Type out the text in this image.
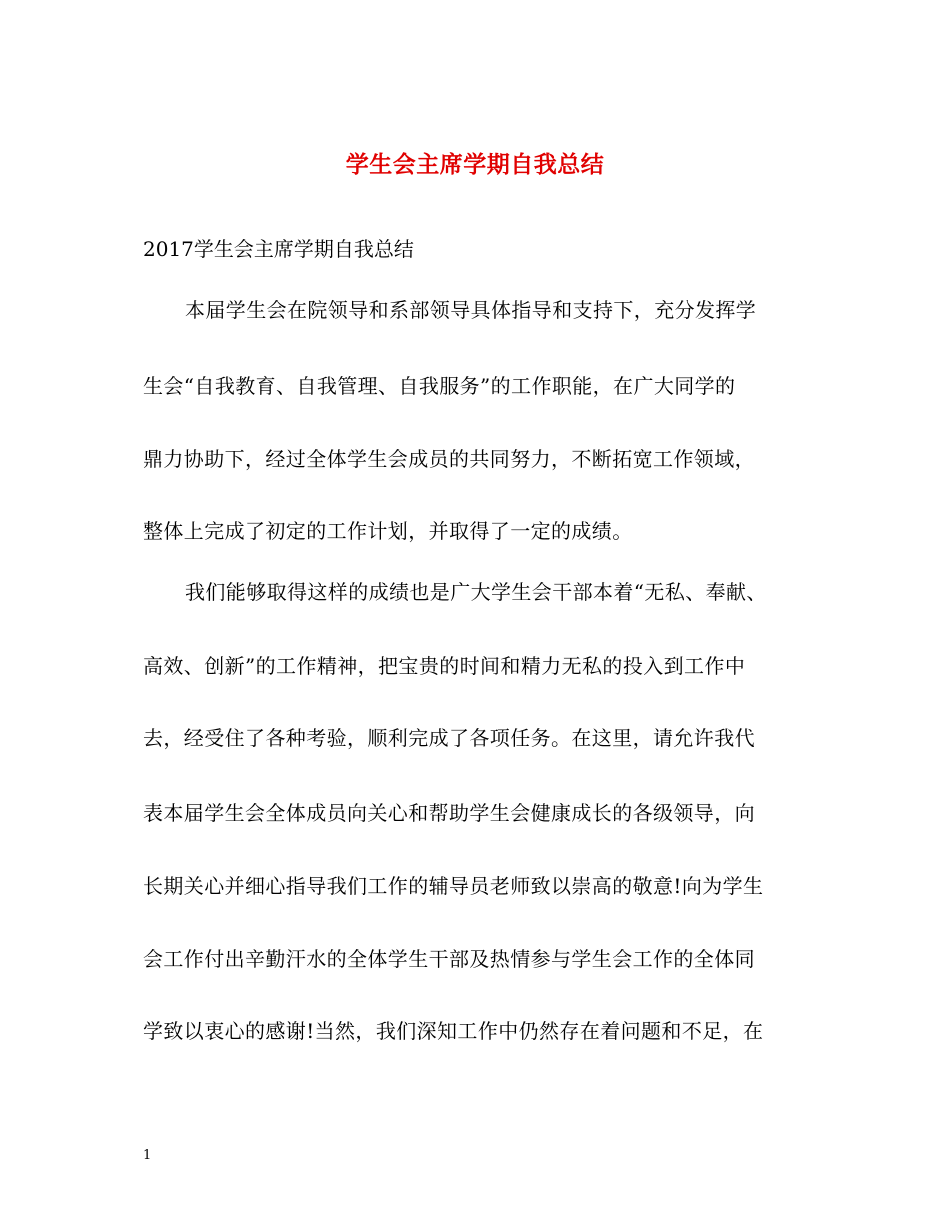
学生会主席学期自我总结
2017学生会主席学期自我总结
本届学生会在院领导和系部领导具体指导和支持下，充分发挥学
生会“自我教育、自我管理、自我服务”的工作职能，在广大同学的
鼎力协助下，经过全体学生会成员的共同努力，不断拓宽工作领域，
整体上完成了初定的工作计划，并取得了一定的成绩。
我们能够取得这样的成绩也是广大学生会干部本着“无私、奉献、
高效、创新”的工作精神，把宝贵的时间和精力无私的投入到工作中
去，经受住了各种考验，顺利完成了各项任务。在这里，请允许我代
表本届学生会全体成员向关心和帮助学生会健康成长的各级领导，向
长期关心并细心指导我们工作的辅导员老师致以崇高的敬意!向为学生
会工作付出辛勤汗水的全体学生干部及热情参与学生会工作的全体同
学致以衷心的感谢!当然，我们深知工作中仍然存在着问题和不足，在
1
